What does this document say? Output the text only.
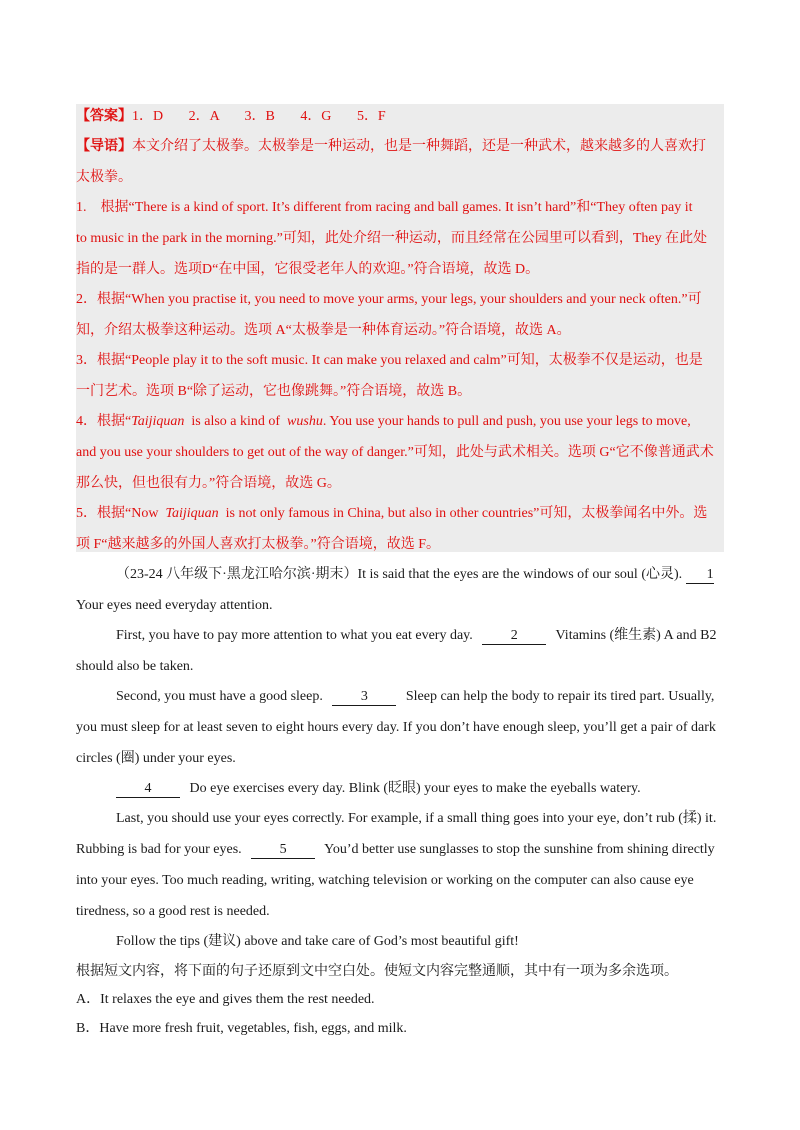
【答案】1．D 2．A 3．B 4．G 5．F
【导语】本文介绍了太极拳。太极拳是一种运动，也是一种舞蹈，还是一种武术，越来越多的人喜欢打
太极拳。
1.　根据“There is a kind of sport. It’s different from racing and ball games. It isn’t hard”和“They often pay it
to music in the park in the morning.”可知，此处介绍一种运动，而且经常在公园里可以看到，They 在此处
指的是一群人。选项D“在中国，它很受老年人的欢迎。”符合语境，故选 D。
2．根据“When you practise it, you need to move your arms, your legs, your shoulders and your neck often.”可
知，介绍太极拳这种运动。选项 A“太极拳是一种体育运动。”符合语境，故选 A。
3．根据“People play it to the soft music. It can make you relaxed and calm”可知，太极拳不仅是运动，也是
一门艺术。选项 B“除了运动，它也像跳舞。”符合语境，故选 B。
4．根据“Taijiquan  is also a kind of  wushu. You use your hands to pull and push, you use your legs to move,
and you use your shoulders to get out of the way of danger.”可知，此处与武术相关。选项 G“它不像普通武术
那么快，但也很有力。”符合语境，故选 G。
5．根据“Now  Taijiquan  is not only famous in China, but also in other countries”可知，太极拳闻名中外。选
项 F“越来越多的外国人喜欢打太极拳。”符合语境，故选 F。
（23-24 八年级下·黑龙江哈尔滨·期末）It is said that the eyes are the windows of our soul (心灵). 1
Your eyes need everyday attention.
First, you have to pay more attention to what you eat every day.	2	Vitamins (维生素) A and B2
should also be taken.
Second, you must have a good sleep.	3	Sleep can help the body to repair its tired part. Usually,
you must sleep for at least seven to eight hours every day. If you don’t have enough sleep, you’ll get a pair of dark
circles (圈) under your eyes.
4	Do eye exercises every day. Blink (眨眼) your eyes to make the eyeballs watery.
Last, you should use your eyes correctly. For example, if a small thing goes into your eye, don’t rub (揉) it.
Rubbing is bad for your eyes.	5	You’d better use sunglasses to stop the sunshine from shining directly
into your eyes. Too much reading, writing, watching television or working on the computer can also cause eye
tiredness, so a good rest is needed.
Follow the tips (建议) above and take care of God’s most beautiful gift!
根据短文内容，将下面的句子还原到文中空白处。使短文内容完整通顺，其中有一项为多余选项。
A．It relaxes the eye and gives them the rest needed.
B．Have more fresh fruit, vegetables, fish, eggs, and milk.
